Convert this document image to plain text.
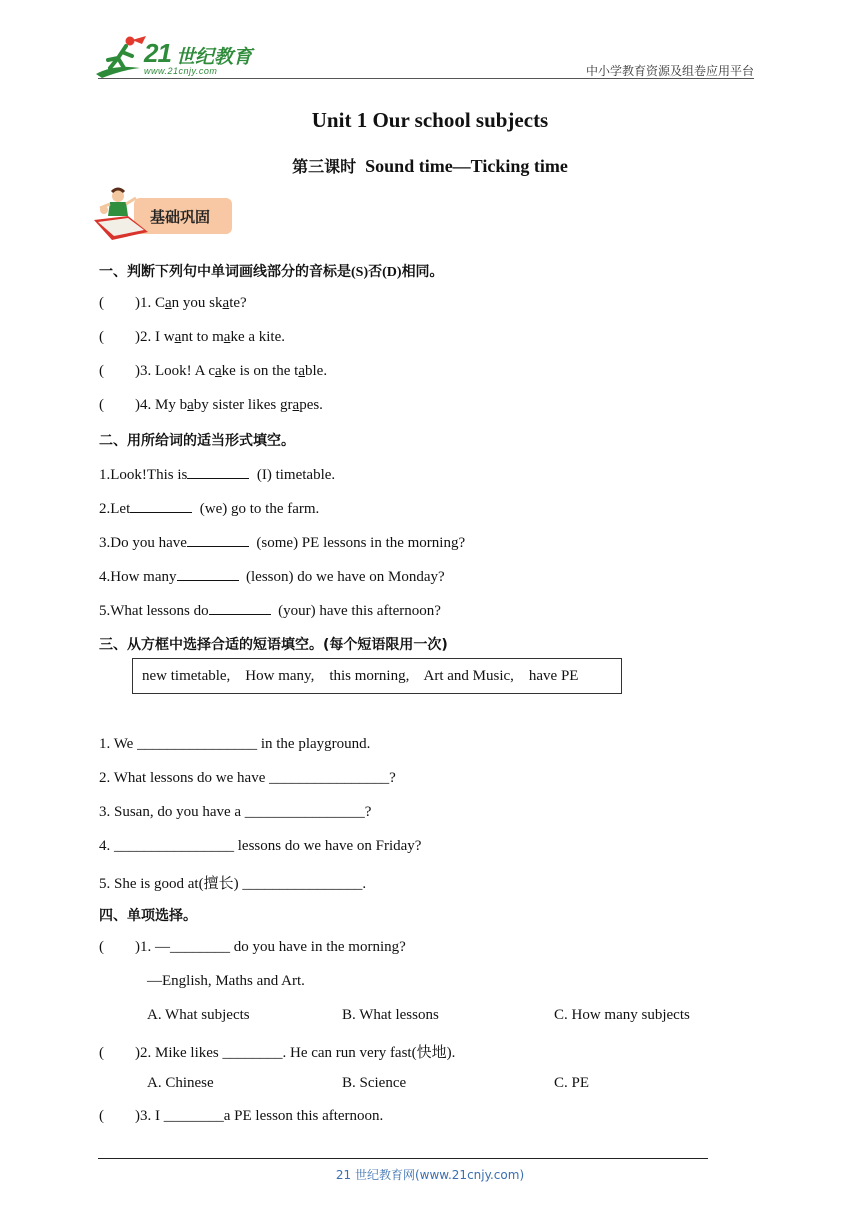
21 世纪教育
www.21cnjy.com	中小学教育资源及组卷应用平台
Unit 1 Our school subjects
第三课时 Sound time—Ticking time
基础巩固
一、判断下列句中单词画线部分的音标是(S)否(D)相同。
( )1. Can you skate?
( )2. I want to make a kite.
( )3. Look! A cake is on the table.
( )4. My baby sister likes grapes.
二、用所给词的适当形式填空。
1.Look!This is	(I) timetable.
2.Let	(we) go to the farm.
3.Do you have	(some) PE lessons in the morning?
4.How many	(lesson) do we have on Monday?
5.What lessons do	(your) have this afternoon?
三、从方框中选择合适的短语填空。(每个短语限用一次)
new timetable,    How many,    this morning,    Art and Music,    have PE
1. We ________________ in the playground.
2. What lessons do we have ________________?
3. Susan, do you have a ________________?
4. ________________ lessons do we have on Friday?
5. She is good at(擅长) ________________.
四、单项选择。
( )1. —________ do you have in the morning?
—English, Maths and Art.
A. What subjects	B. What lessons	C. How many subjects
( )2. Mike likes ________. He can run very fast(快地).
A. Chinese	B. Science	C. PE
( )3. I ________a PE lesson this afternoon.
21 世纪教育网(www.21cnjy.com)
